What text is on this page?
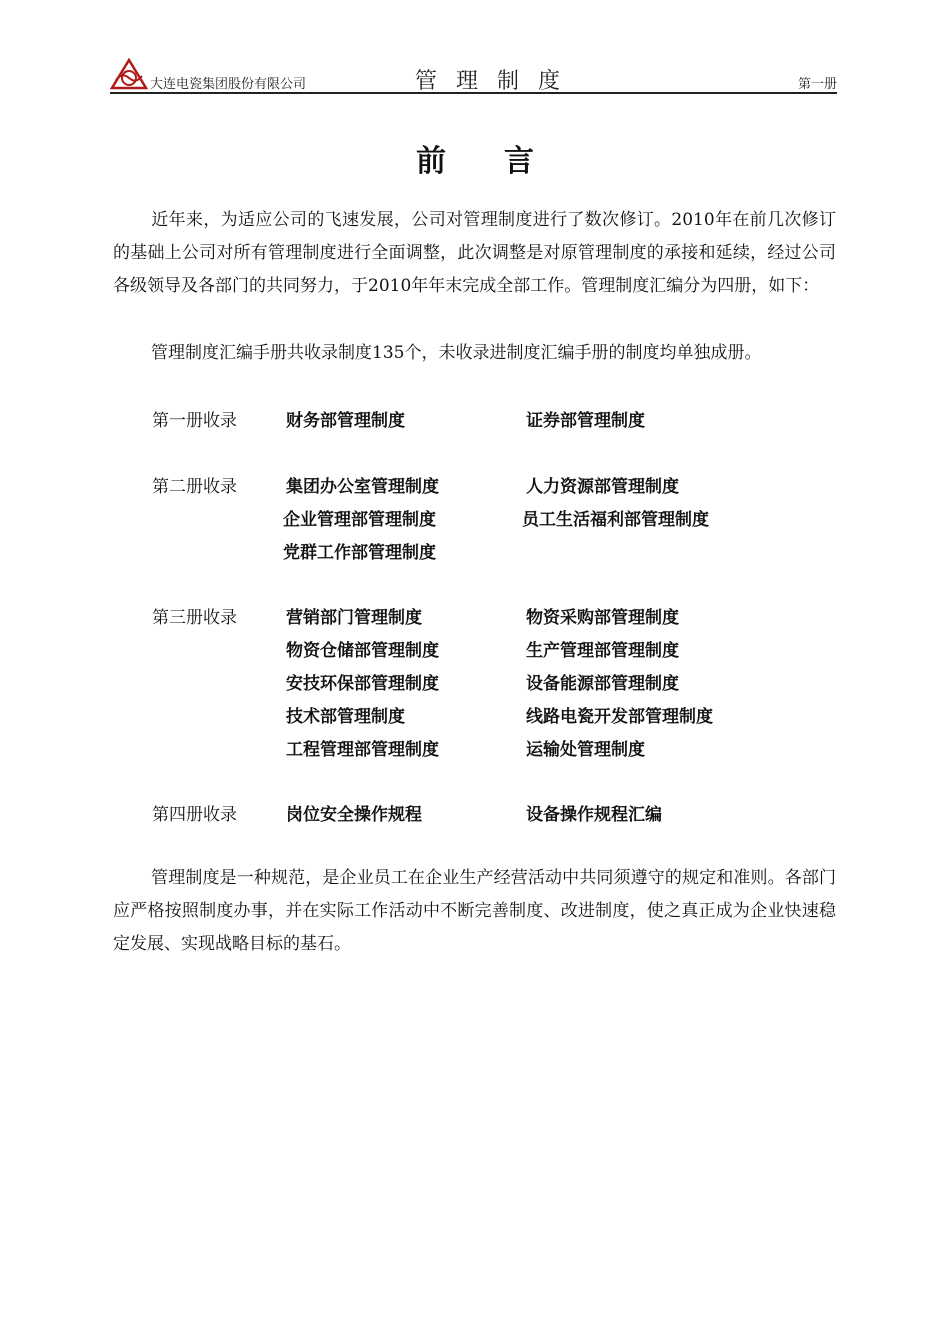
大连电瓷集团股份有限公司	管 理 制 度	第一册
前 言
近年来，为适应公司的飞速发展，公司对管理制度进行了数次修订。2010年在前几次修订的基础上公司对所有管理制度进行全面调整，此次调整是对原管理制度的承接和延续，经过公司各级领导及各部门的共同努力，于2010年年末完成全部工作。管理制度汇编分为四册，如下：
管理制度汇编手册共收录制度135个，未收录进制度汇编手册的制度均单独成册。
第一册收录	财务部管理制度	证券部管理制度
第二册收录	集团办公室管理制度	人力资源部管理制度
企业管理部管理制度	员工生活福利部管理制度
党群工作部管理制度
第三册收录	营销部门管理制度	物资采购部管理制度
物资仓储部管理制度	生产管理部管理制度
安技环保部管理制度	设备能源部管理制度
技术部管理制度	线路电瓷开发部管理制度
工程管理部管理制度	运输处管理制度
第四册收录	岗位安全操作规程	设备操作规程汇编
管理制度是一种规范，是企业员工在企业生产经营活动中共同须遵守的规定和准则。各部门应严格按照制度办事，并在实际工作活动中不断完善制度、改进制度，使之真正成为企业快速稳定发展、实现战略目标的基石。
